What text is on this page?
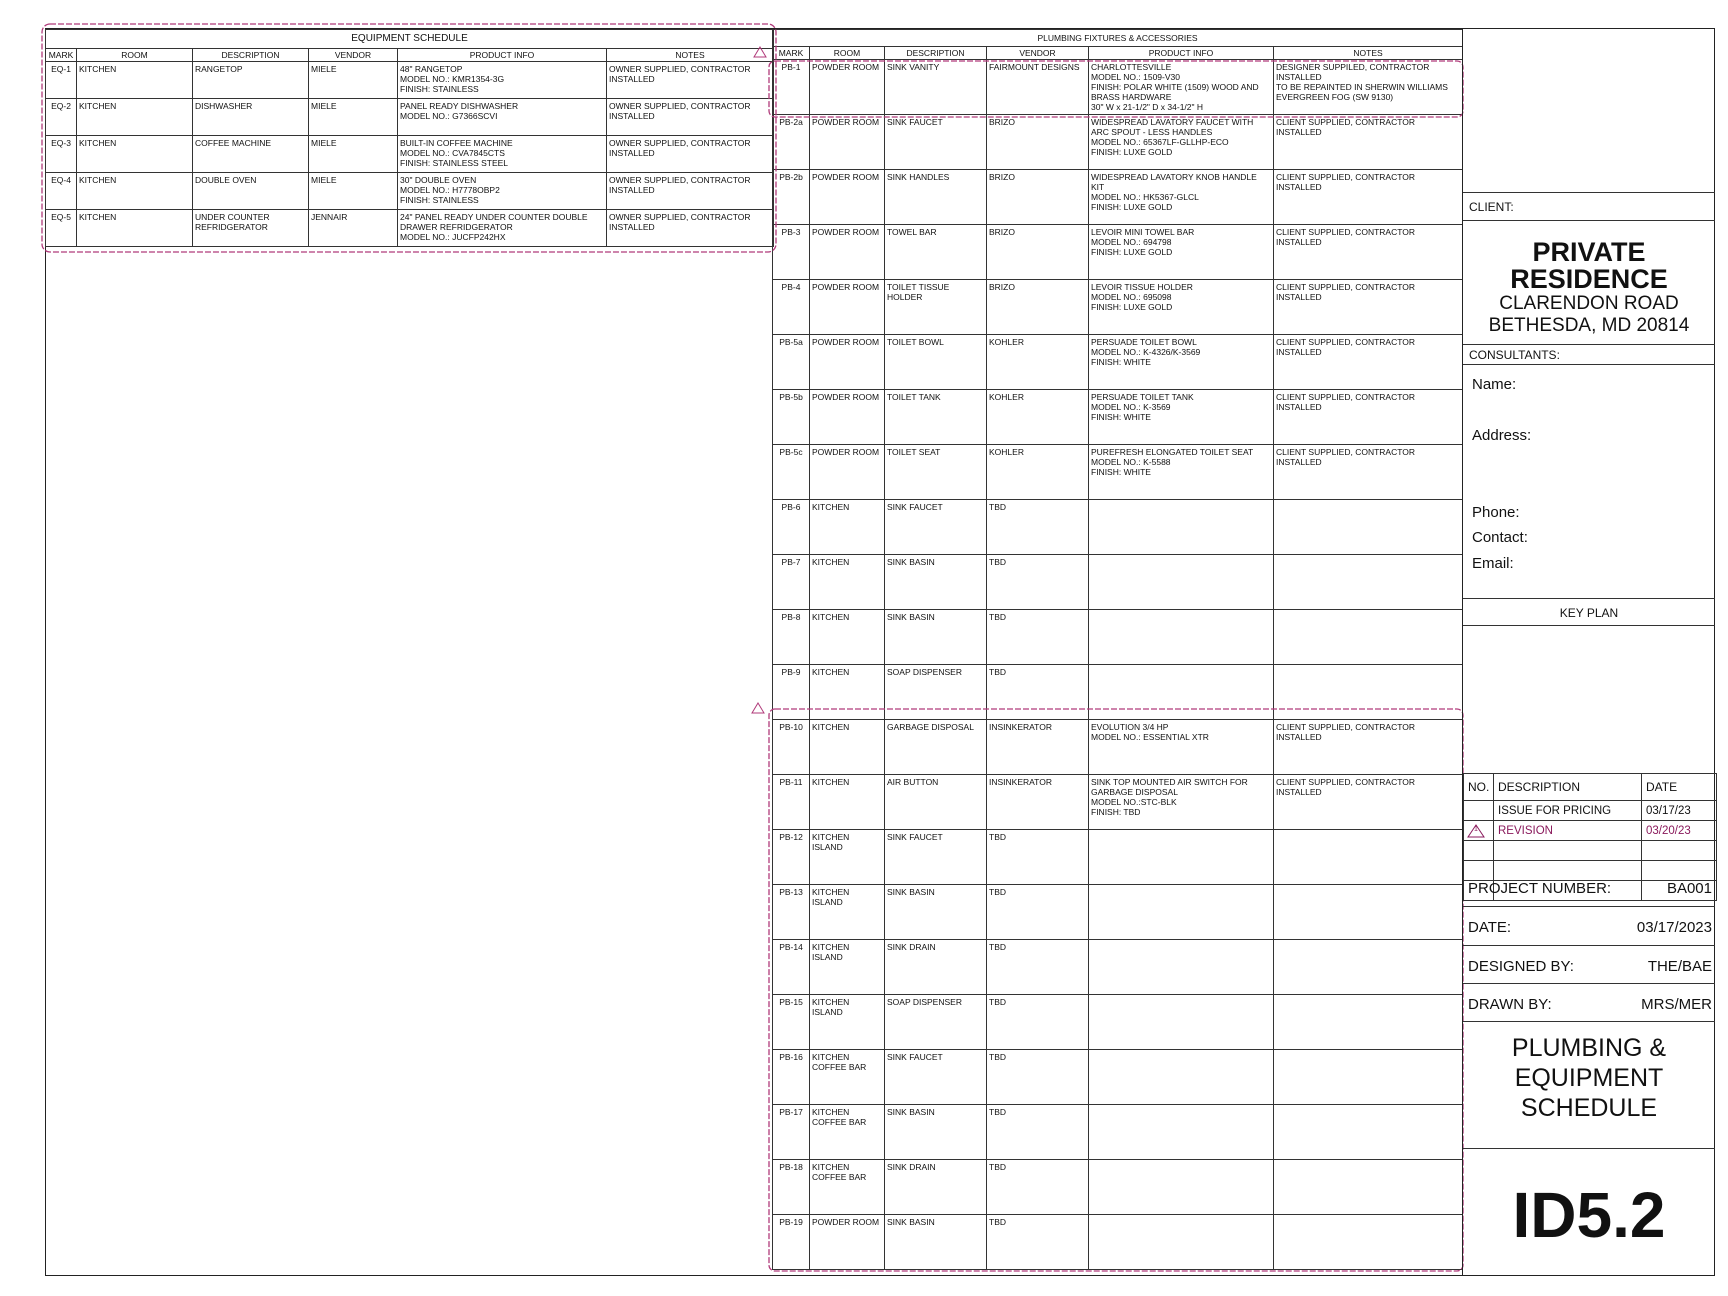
EQUIPMENT SCHEDULE					
MARK	ROOM	DESCRIPTION	VENDOR	PRODUCT INFO	NOTES
EQ-1	KITCHEN	RANGETOP	MIELE	48" RANGETOP
MODEL NO.: KMR1354-3G
FINISH: STAINLESS	OWNER SUPPLIED, CONTRACTOR INSTALLED
EQ-2	KITCHEN	DISHWASHER	MIELE	PANEL READY DISHWASHER
MODEL NO.: G7366SCVI	OWNER SUPPLIED, CONTRACTOR INSTALLED
EQ-3	KITCHEN	COFFEE MACHINE	MIELE	BUILT-IN COFFEE MACHINE
MODEL NO.: CVA7845CTS
FINISH: STAINLESS STEEL	OWNER SUPPLIED, CONTRACTOR INSTALLED
EQ-4	KITCHEN	DOUBLE OVEN	MIELE	30" DOUBLE OVEN
MODEL NO.: H7778OBP2
FINISH: STAINLESS	OWNER SUPPLIED, CONTRACTOR INSTALLED
EQ-5	KITCHEN	UNDER COUNTER REFRIDGERATOR	JENNAIR	24" PANEL READY UNDER COUNTER DOUBLE DRAWER REFRIDGERATOR
MODEL NO.: JUCFP242HX	OWNER SUPPLIED, CONTRACTOR INSTALLED
PLUMBING FIXTURES & ACCESSORIES					
MARK	ROOM	DESCRIPTION	VENDOR	PRODUCT INFO	NOTES
PB-1	POWDER ROOM	SINK VANITY	FAIRMOUNT DESIGNS	CHARLOTTESVILLE
MODEL NO.: 1509-V30
FINISH: POLAR WHITE (1509) WOOD AND BRASS HARDWARE
30" W x 21-1/2" D x 34-1/2" H	DESIGNER SUPPILED, CONTRACTOR INSTALLED
TO BE REPAINTED IN SHERWIN WILLIAMS EVERGREEN FOG (SW 9130)
PB-2a	POWDER ROOM	SINK FAUCET	BRIZO	WIDESPREAD LAVATORY FAUCET WITH ARC SPOUT - LESS HANDLES
MODEL NO.: 65367LF-GLLHP-ECO
FINISH: LUXE GOLD	CLIENT SUPPLIED, CONTRACTOR INSTALLED
PB-2b	POWDER ROOM	SINK HANDLES	BRIZO	WIDESPREAD LAVATORY KNOB HANDLE KIT
MODEL NO.: HK5367-GLCL
FINISH: LUXE GOLD	CLIENT SUPPLIED, CONTRACTOR INSTALLED
PB-3	POWDER ROOM	TOWEL BAR	BRIZO	LEVOIR MINI TOWEL BAR
MODEL NO.: 694798
FINISH: LUXE GOLD	CLIENT SUPPLIED, CONTRACTOR INSTALLED
PB-4	POWDER ROOM	TOILET TISSUE HOLDER	BRIZO	LEVOIR TISSUE HOLDER
MODEL NO.: 695098
FINISH: LUXE GOLD	CLIENT SUPPLIED, CONTRACTOR INSTALLED
PB-5a	POWDER ROOM	TOILET BOWL	KOHLER	PERSUADE TOILET BOWL
MODEL NO.: K-4326/K-3569
FINISH: WHITE	CLIENT SUPPLIED, CONTRACTOR INSTALLED
PB-5b	POWDER ROOM	TOILET TANK	KOHLER	PERSUADE TOILET TANK
MODEL NO.: K-3569
FINISH: WHITE	CLIENT SUPPLIED, CONTRACTOR INSTALLED
PB-5c	POWDER ROOM	TOILET SEAT	KOHLER	PUREFRESH ELONGATED TOILET SEAT
MODEL NO.: K-5588
FINISH: WHITE	CLIENT SUPPLIED, CONTRACTOR INSTALLED
PB-6	KITCHEN	SINK FAUCET	TBD		
PB-7	KITCHEN	SINK BASIN	TBD		
PB-8	KITCHEN	SINK BASIN	TBD		
PB-9	KITCHEN	SOAP DISPENSER	TBD		
PB-10	KITCHEN	GARBAGE DISPOSAL	INSINKERATOR	EVOLUTION 3/4 HP
MODEL NO.: ESSENTIAL XTR	CLIENT SUPPLIED, CONTRACTOR INSTALLED
PB-11	KITCHEN	AIR BUTTON	INSINKERATOR	SINK TOP MOUNTED AIR SWITCH FOR GARBAGE DISPOSAL
MODEL NO.:STC-BLK
FINISH: TBD	CLIENT SUPPLIED, CONTRACTOR INSTALLED
PB-12	KITCHEN ISLAND	SINK FAUCET	TBD		
PB-13	KITCHEN ISLAND	SINK BASIN	TBD		
PB-14	KITCHEN ISLAND	SINK DRAIN	TBD		
PB-15	KITCHEN ISLAND	SOAP DISPENSER	TBD		
PB-16	KITCHEN COFFEE BAR	SINK FAUCET	TBD		
PB-17	KITCHEN COFFEE BAR	SINK BASIN	TBD		
PB-18	KITCHEN COFFEE BAR	SINK DRAIN	TBD		
PB-19	POWDER ROOM	SINK BASIN	TBD		
CLIENT:
PRIVATE
RESIDENCE
CLARENDON ROAD
BETHESDA, MD 20814
CONSULTANTS:
Name:
Address:
Phone:
Contact:
Email:
KEY PLAN
NO.	DESCRIPTION	DATE
	ISSUE FOR PRICING	03/17/23

1	REVISION	03/20/23

PROJECT NUMBER:	BA001
DATE:	03/17/2023
DESIGNED BY:	THE/BAE
DRAWN BY:	MRS/MER
PLUMBING &
EQUIPMENT
SCHEDULE
ID5.2
